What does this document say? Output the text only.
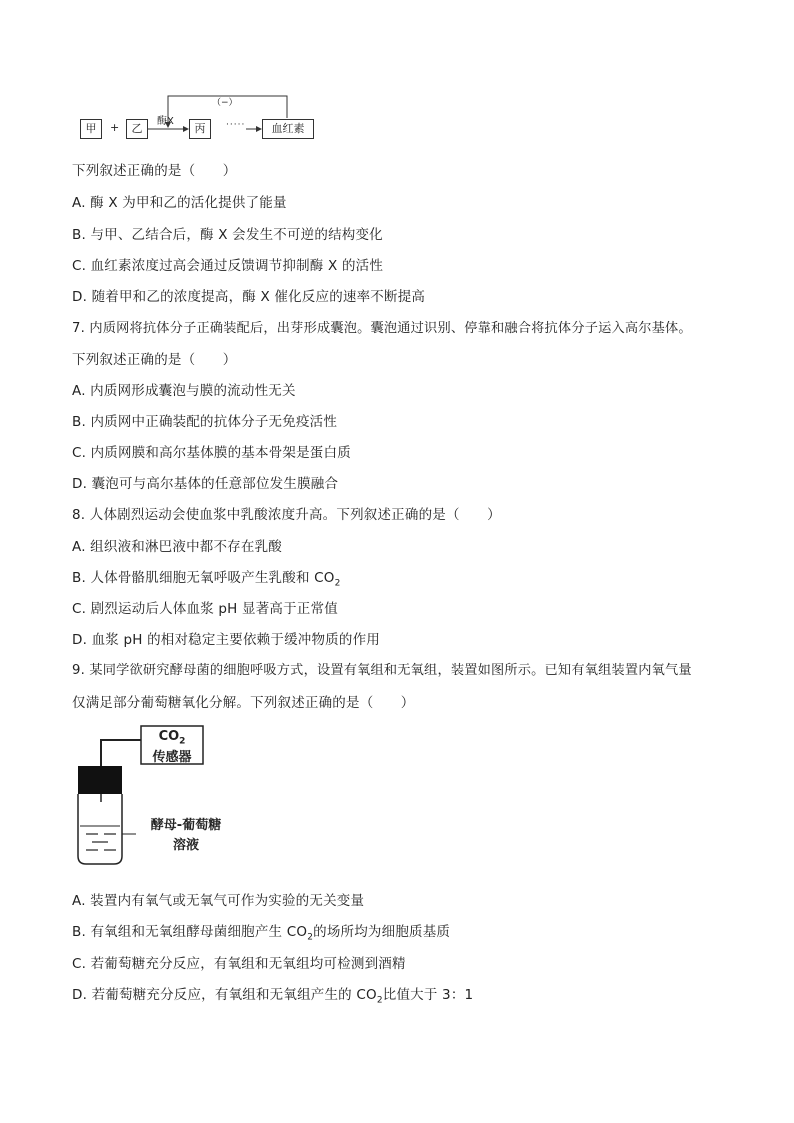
甲	+	乙
酶X
丙	·····	血红素
（−）
下列叙述正确的是（　　）
A. 酶 X 为甲和乙的活化提供了能量
B. 与甲、乙结合后，酶 X 会发生不可逆的结构变化
C. 血红素浓度过高会通过反馈调节抑制酶 X 的活性
D. 随着甲和乙的浓度提高，酶 X 催化反应的速率不断提高
7. 内质网将抗体分子正确装配后，出芽形成囊泡。囊泡通过识别、停靠和融合将抗体分子运入高尔基体。
下列叙述正确的是（　　）
A. 内质网形成囊泡与膜的流动性无关
B. 内质网中正确装配的抗体分子无免疫活性
C. 内质网膜和高尔基体膜的基本骨架是蛋白质
D. 囊泡可与高尔基体的任意部位发生膜融合
8. 人体剧烈运动会使血浆中乳酸浓度升高。下列叙述正确的是（　　）
A. 组织液和淋巴液中都不存在乳酸
B. 人体骨骼肌细胞无氧呼吸产生乳酸和 $CO_2$
C. 剧烈运动后人体血浆 pH 显著高于正常值
D. 血浆 pH 的相对稳定主要依赖于缓冲物质的作用
9. 某同学欲研究酵母菌的细胞呼吸方式，设置有氧组和无氧组，装置如图所示。已知有氧组装置内氧气量
仅满足部分葡萄糖氧化分解。下列叙述正确的是（　　）
$CO_2$
传感器
酵母-葡萄糖
溶液
A. 装置内有氧气或无氧气可作为实验的无关变量
B. 有氧组和无氧组酵母菌细胞产生 $CO_2$的场所均为细胞质基质
C. 若葡萄糖充分反应，有氧组和无氧组均可检测到酒精
D. 若葡萄糖充分反应，有氧组和无氧组产生的 $CO_2$比值大于 3：1
